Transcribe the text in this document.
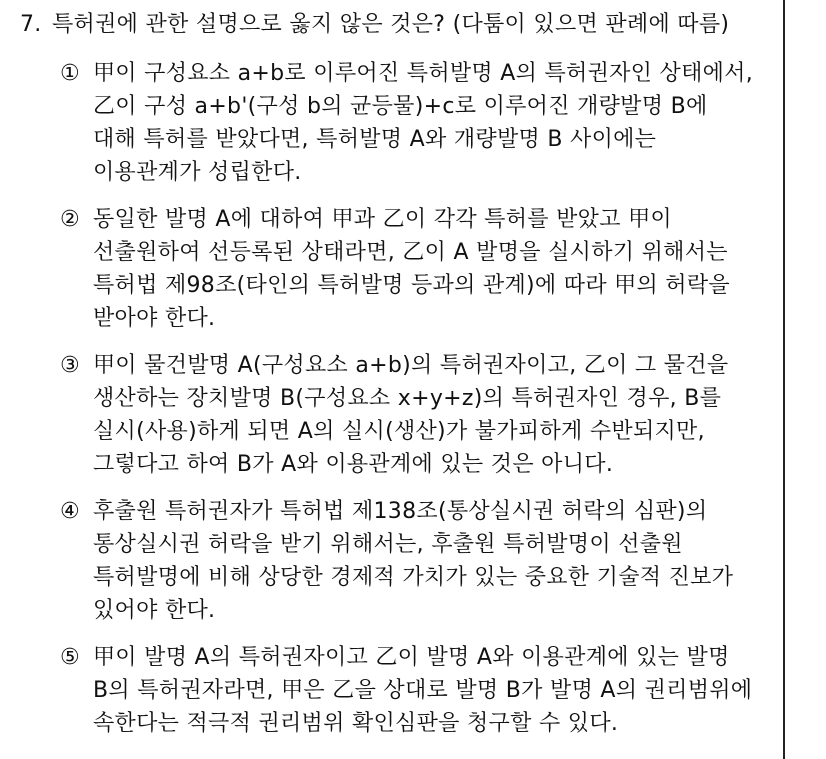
7. 특허권에 관한 설명으로 옳지 않은 것은? (다툼이 있으면 판례에 따름)
① 甲이 구성요소 a+b로 이루어진 특허발명 A의 특허권자인 상태에서, 乙이 구성 a+b'(구성 b의 균등물)+c로 이루어진 개량발명 B에 대해 특허를 받았다면, 특허발명 A와 개량발명 B 사이에는 이용관계가 성립한다.
② 동일한 발명 A에 대하여 甲과 乙이 각각 특허를 받았고 甲이 선출원하여 선등록된 상태라면, 乙이 A 발명을 실시하기 위해서는 특허법 제98조(타인의 특허발명 등과의 관계)에 따라 甲의 허락을 받아야 한다.
③ 甲이 물건발명 A(구성요소 a+b)의 특허권자이고, 乙이 그 물건을 생산하는 장치발명 B(구성요소 x+y+z)의 특허권자인 경우, B를 실시(사용)하게 되면 A의 실시(생산)가 불가피하게 수반되지만, 그렇다고 하여 B가 A와 이용관계에 있는 것은 아니다.
④ 후출원 특허권자가 특허법 제138조(통상실시권 허락의 심판)의 통상실시권 허락을 받기 위해서는, 후출원 특허발명이 선출원 특허발명에 비해 상당한 경제적 가치가 있는 중요한 기술적 진보가 있어야 한다.
⑤ 甲이 발명 A의 특허권자이고 乙이 발명 A와 이용관계에 있는 발명 B의 특허권자라면, 甲은 乙을 상대로 발명 B가 발명 A의 권리범위에 속한다는 적극적 권리범위 확인심판을 청구할 수 있다.
